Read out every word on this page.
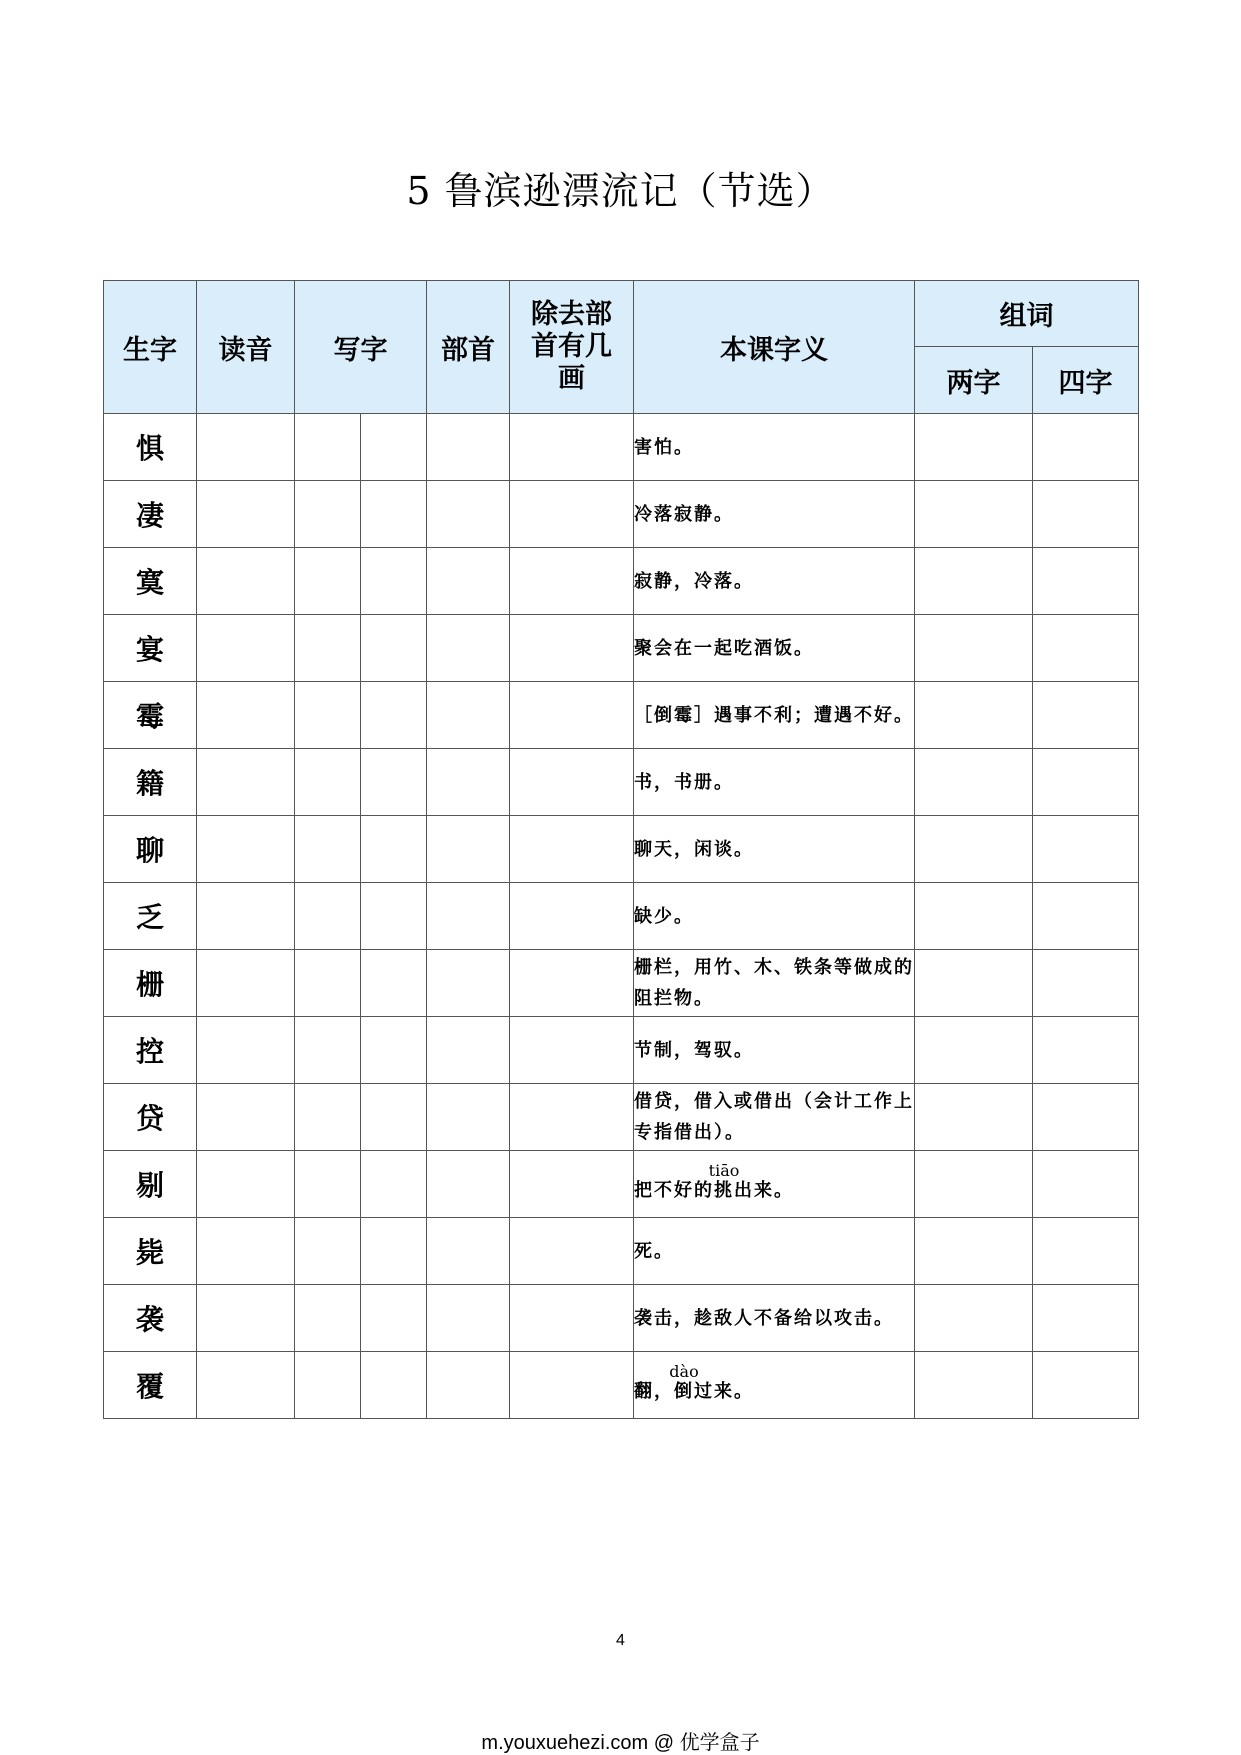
5 鲁滨逊漂流记（节选）
生字	读音	写字		部首	除去部首有几画	本课字义	组词	
							两字	四字
惧						害怕。		
凄						冷落寂静。		
寞						寂静，冷落。		
宴						聚会在一起吃酒饭。		
霉						［倒霉］遇事不利；遭遇不好。		
籍						书，书册。		
聊						聊天，闲谈。		
乏						缺少。		
栅						栅栏，用竹、木、铁条等做成的阻拦物。		
控						节制，驾驭。		
贷						借贷，借入或借出（会计工作上专指借出）。		
剔						把不好的挑tiāo出来。		
毙						死。		
袭						袭击，趁敌人不备给以攻击。		
覆						翻，倒dào过来。		
4
m.youxuehezi.com @ 优学盒子
